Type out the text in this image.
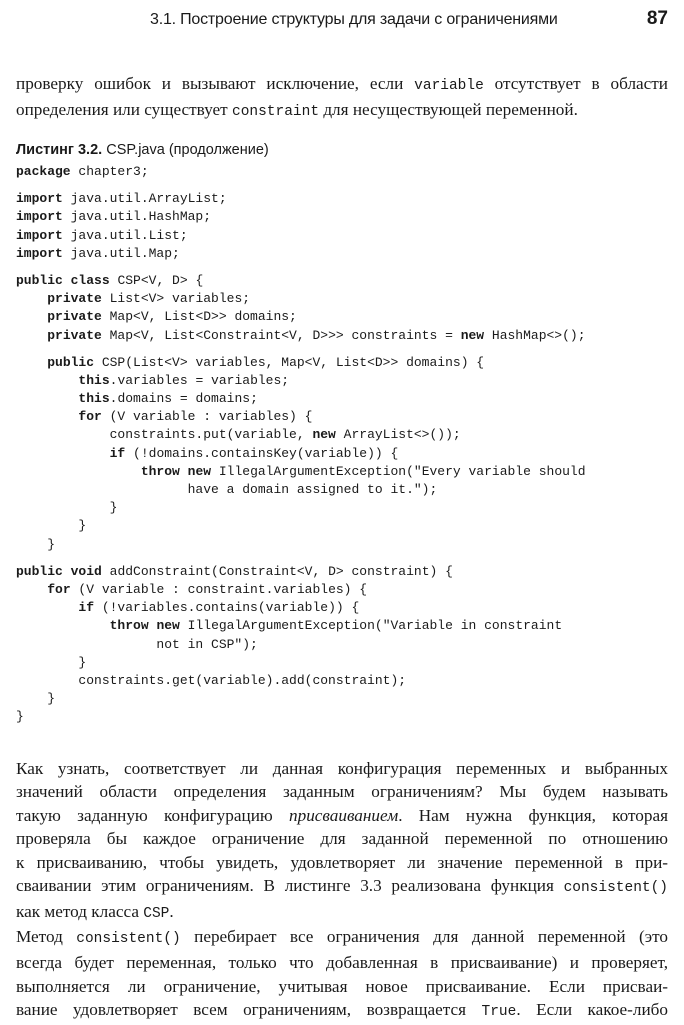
3.1. Построение структуры для задачи с ограничениями	87
проверку ошибок и вызывают исключение, если variable отсутствует в области
определения или существует constraint для несуществующей переменной.
Листинг 3.2. CSP.java (продолжение)
package chapter3;
import java.util.ArrayList;
import java.util.HashMap;
import java.util.List;
import java.util.Map;
public class CSP<V, D> {
private List<V> variables;
private Map<V, List<D>> domains;
private Map<V, List<Constraint<V, D>>> constraints = new HashMap<>();
public CSP(List<V> variables, Map<V, List<D>> domains) {
this.variables = variables;
this.domains = domains;
for (V variable : variables) {
constraints.put(variable, new ArrayList<>());
if (!domains.containsKey(variable)) {
throw new IllegalArgumentException("Every variable should
have a domain assigned to it.");
}
}
}
public void addConstraint(Constraint<V, D> constraint) {
for (V variable : constraint.variables) {
if (!variables.contains(variable)) {
throw new IllegalArgumentException("Variable in constraint
not in CSP");
}
constraints.get(variable).add(constraint);
}
}
Как узнать, соответствует ли данная конфигурация переменных и выбранных
значений области определения заданным ограничениям? Мы будем называть
такую заданную конфигурацию присваиванием. Нам нужна функция, которая
проверяла бы каждое ограничение для заданной переменной по отношению
к присваиванию, чтобы увидеть, удовлетворяет ли значение переменной в при-
сваивании этим ограничениям. В листинге 3.3 реализована функция consistent()
как метод класса CSP.
Метод consistent() перебирает все ограничения для данной переменной (это
всегда будет переменная, только что добавленная в присваивание) и проверяет,
выполняется ли ограничение, учитывая новое присваивание. Если присваи-
вание удовлетворяет всем ограничениям, возвращается True. Если какое-либо
